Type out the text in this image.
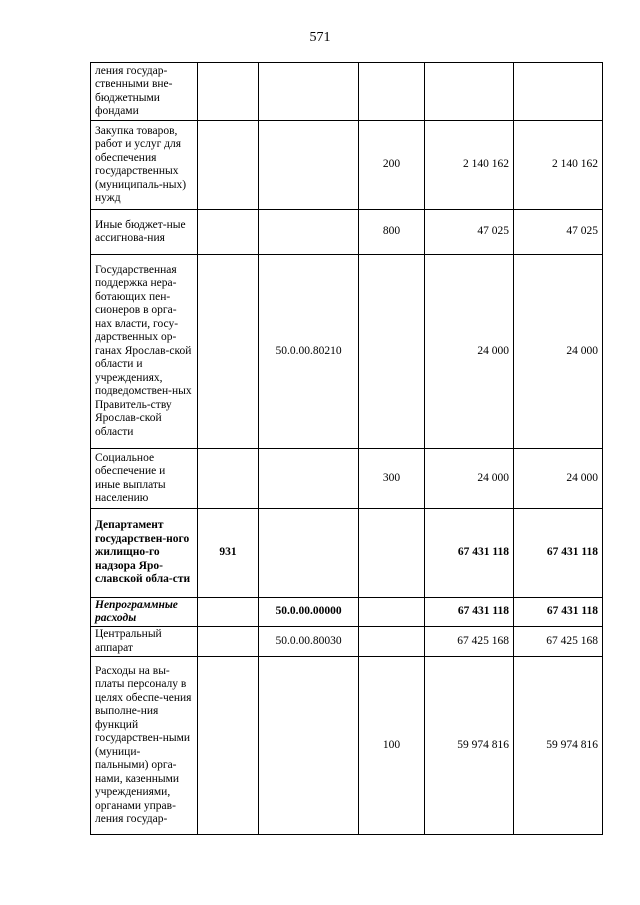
571
ления государ-ственными вне-бюджетными фондами					
Закупка товаров, работ и услуг для обеспечения государственных (муниципаль-ных) нужд			200	2 140 162	2 140 162
Иные бюджет-ные ассигнова-ния			800	47 025	47 025
Государственная поддержка нера-ботающих пен-сионеров в орга-нах власти, госу-дарственных ор-ганах Ярослав-ской области и учреждениях, подведомствен-ных Правитель-ству Ярослав-ской области		50.0.00.80210		24 000	24 000
Социальное обеспечение и иные выплаты населению			300	24 000	24 000
Департамент государствен-ного жилищно-го надзора Яро-славской обла-сти	931			67 431 118	67 431 118
Непрограммные расходы		50.0.00.00000		67 431 118	67 431 118
Центральный аппарат		50.0.00.80030		67 425 168	67 425 168
Расходы на вы-платы персоналу в целях обеспе-чения выполне-ния функций государствен-ными (муници-пальными) орга-нами, казенными учреждениями, органами управ-ления государ-			100	59 974 816	59 974 816
